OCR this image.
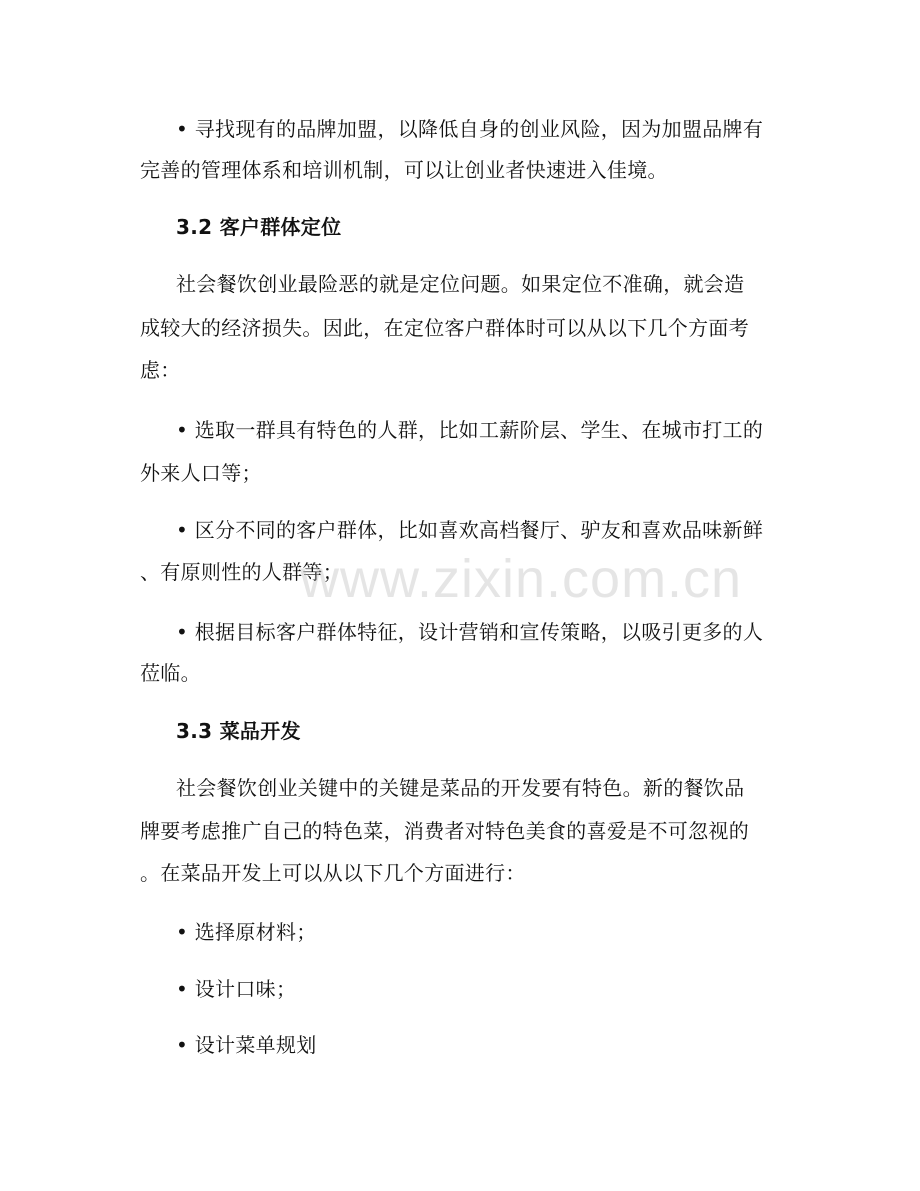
• 寻找现有的品牌加盟，以降低自身的创业风险，因为加盟品牌有
完善的管理体系和培训机制，可以让创业者快速进入佳境。
3.2 客户群体定位
社会餐饮创业最险恶的就是定位问题。如果定位不准确，就会造
成较大的经济损失。因此，在定位客户群体时可以从以下几个方面考
虑：
• 选取一群具有特色的人群，比如工薪阶层、学生、在城市打工的
外来人口等；
• 区分不同的客户群体，比如喜欢高档餐厅、驴友和喜欢品味新鲜
、有原则性的人群等；
• 根据目标客户群体特征，设计营销和宣传策略，以吸引更多的人
莅临。
3.3 菜品开发
社会餐饮创业关键中的关键是菜品的开发要有特色。新的餐饮品
牌要考虑推广自己的特色菜，消费者对特色美食的喜爱是不可忽视的
。在菜品开发上可以从以下几个方面进行：
• 选择原材料；
• 设计口味；
• 设计菜单规划
www.zixin.com.cn
